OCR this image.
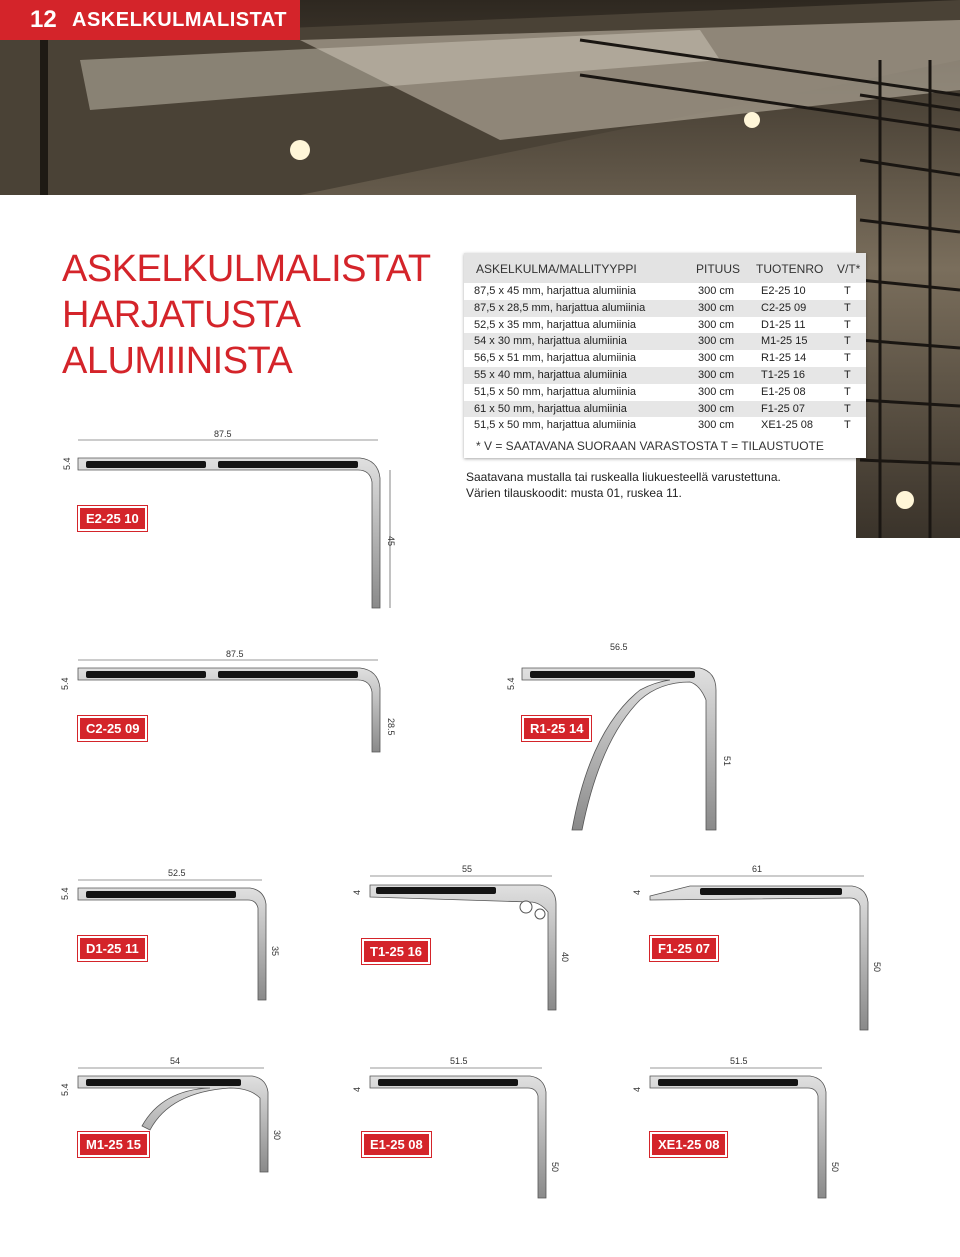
12 ASKELKULMALISTAT
ASKELKULMALISTAT
HARJATUSTA
ALUMIINISTA
ASKELKULMA/MALLITYYPPI	PITUUS TUOTENRO V/T*
87,5 x 45 mm, harjattua alumiinia	300 cm E2-25 10	T
87,5 x 28,5 mm, harjattua alumiinia	300 cm C2-25 09	T
52,5 x 35 mm, harjattua alumiinia	300 cm D1-25 11	T
54 x 30 mm, harjattua alumiinia	300 cm M1-25 15	T
56,5 x 51 mm, harjattua alumiinia	300 cm R1-25 14	T
55 x 40 mm, harjattua alumiinia	300 cm T1-25 16	T
51,5 x 50 mm, harjattua alumiinia	300 cm E1-25 08	T
61 x 50 mm, harjattua alumiinia	300 cm F1-25 07	T
51,5 x 50 mm, harjattua alumiinia	300 cm XE1-25 08	T
* V = SAATAVANA SUORAAN VARASTOSTA T = TILAUSTUOTE
Saatavana mustalla tai ruskealla liukuesteellä varustettuna.
Värien tilauskoodit: musta 01, ruskea 11.
87.5
5.4
45
87.5
5.4
28.5
56.5
5.4
51
52.5
5.4
35
55
4
40
61
4
50
54
5.4
30
51.5
4
50
51.5
4
50
E2-25 10
C2-25 09	R1-25 14
D1-25 11	T1-25 16	F1-25 07
M1-25 15	E1-25 08	XE1-25 08
